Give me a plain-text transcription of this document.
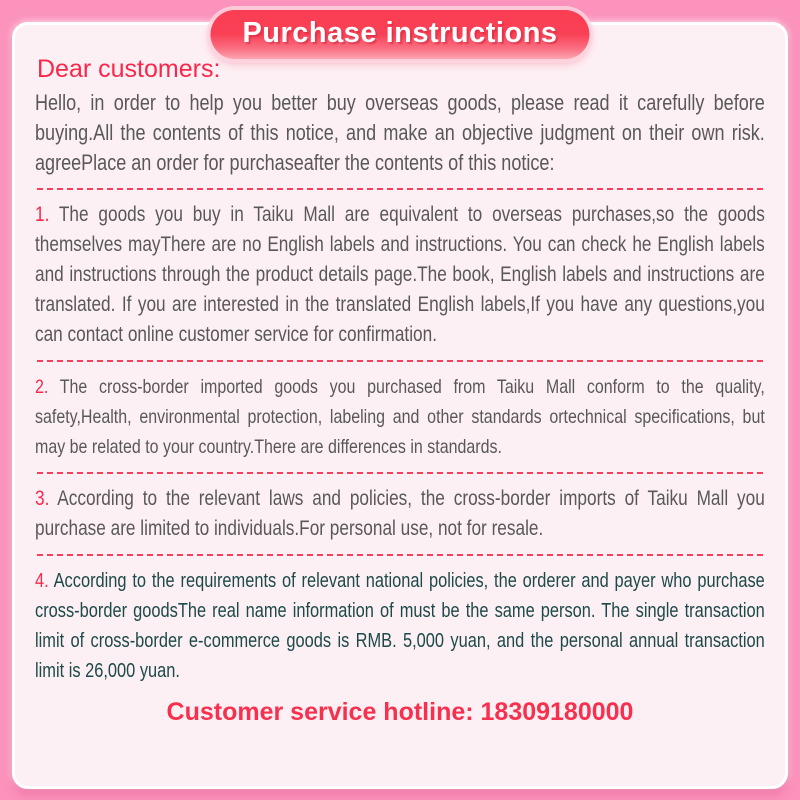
Purchase instructions

Dear customers:

Hello, in order to help you better buy overseas goods, please read it carefully before buying.All the contents of this notice, and make an objective judgment on their own risk. agreePlace an order for purchaseafter the contents of this notice:

1. The goods you buy in Taiku Mall are equivalent to overseas purchases,so the goods themselves mayThere are no English labels and instructions. You can check he English labels and instructions through the product details page.The book, English labels and instructions are translated. If you are interested in the translated English labels,If you have any questions,you can contact online customer service for confirmation.

2. The cross-border imported goods you purchased from Taiku Mall conform to the quality, safety,Health, environmental protection, labeling and other standards ortechnical specifications, but may be related to your country.There are differences in standards.

3. According to the relevant laws and policies, the cross-border imports of Taiku Mall you purchase are limited to individuals.For personal use, not for resale.

4. According to the requirements of relevant national policies, the orderer and payer who purchase cross-border goodsThe real name information of must be the same person. The single transaction limit of cross-border e-commerce goods is RMB. 5,000 yuan, and the personal annual transaction limit is 26,000 yuan.

Customer service hotline: 18309180000
